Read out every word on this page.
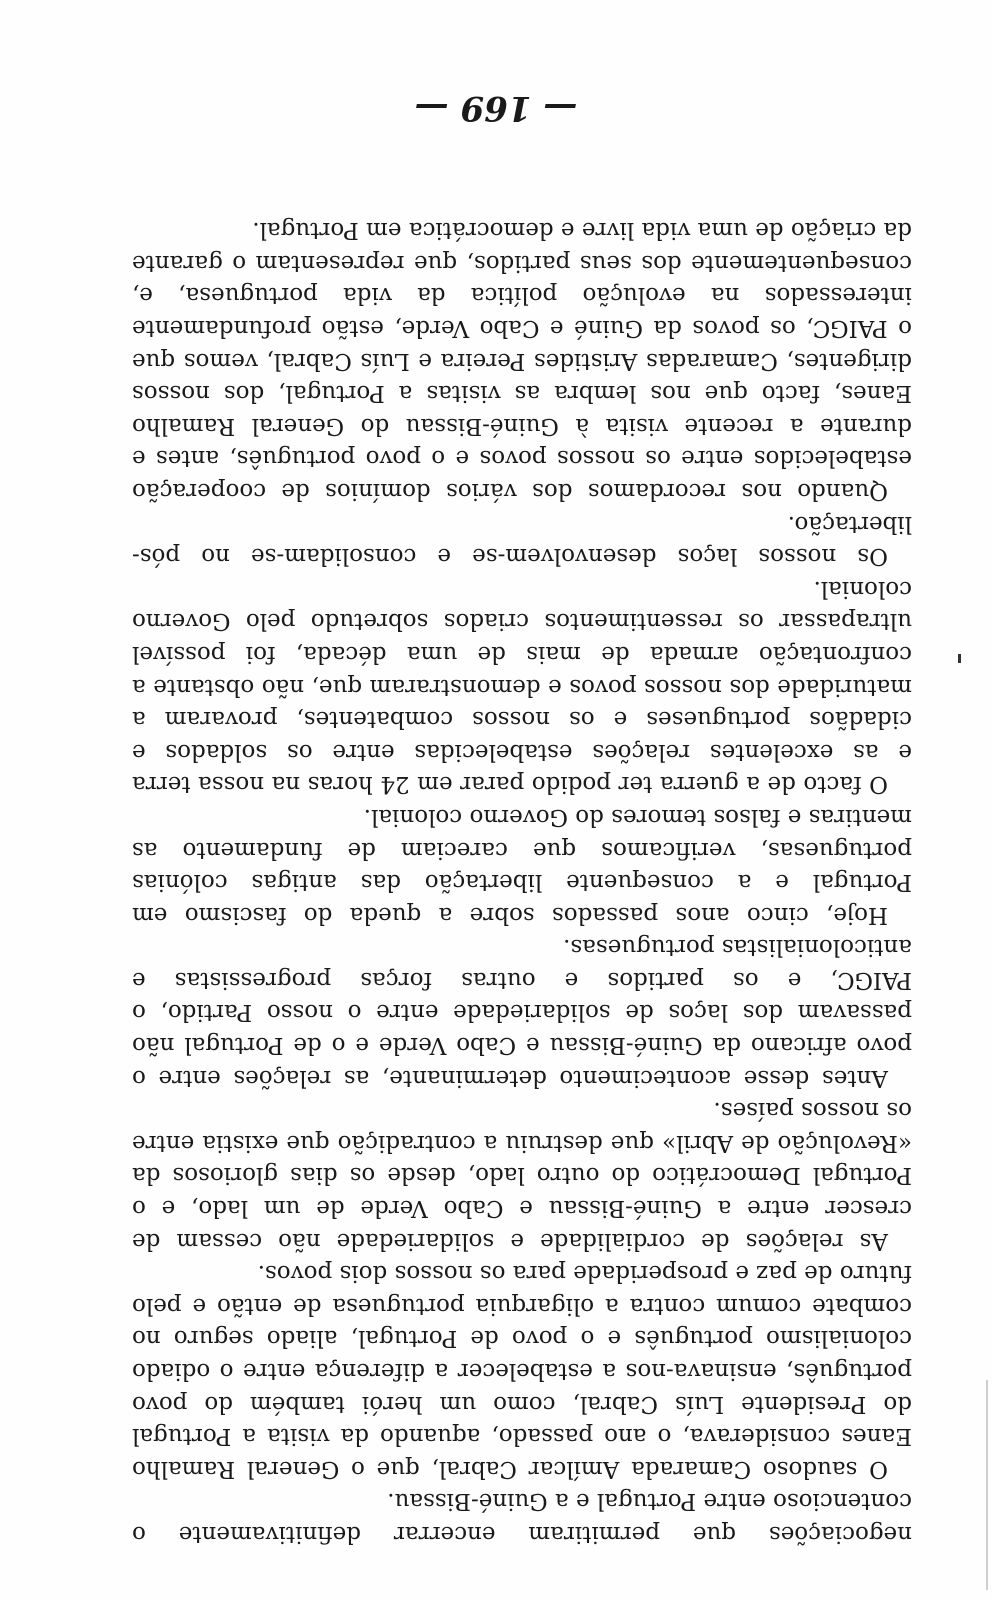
negociações que permitiram encerrar definitivamente o contencioso entre Portugal e a Guiné-Bissau.

O saudoso Camarada Amílcar Cabral, que o General Ramalho Eanes considerava, o ano passado, aquando da visita a Portugal do Presidente Luís Cabral, como um herói também do povo português, ensinava-nos a estabelecer a diferença entre o odiado colonialismo português e o povo de Portugal, aliado seguro no combate comum contra a oligarquia portuguesa de então e pelo futuro de paz e prosperidade para os nossos dois povos.

As relações de cordialidade e solidariedade não cessam de crescer entre a Guiné-Bissau e Cabo Verde de um lado, e o Portugal Democrático do outro lado, desde os dias gloriosos da «Revolução de Abril» que destruiu a contradição que existia entre os nossos países.

Antes desse acontecimento determinante, as relações entre o povo africano da Guiné-Bissau e Cabo Verde e o de Portugal não passavam dos laços de solidariedade entre o nosso Partido, o PAIGC, e os partidos e outras forças progressistas e anticolonialistas portuguesas.

Hoje, cinco anos passados sobre a queda do fascismo em Portugal e a consequente libertação das antigas colónias portuguesas, verificamos que careciam de fundamento as mentiras e falsos temores do Governo colonial.

O facto de a guerra ter podido parar em 24 horas na nossa terra e as excelentes relações estabelecidas entre os soldados e cidadãos portugueses e os nossos combatentes, provaram a maturidade dos nossos povos e demonstraram que, não obstante a confrontação armada de mais de uma década, foi possível ultrapassar os ressentimentos criados sobretudo pelo Governo colonial.

Os nossos laços desenvolvem-se e consolidam-se no pós-libertação.

Quando nos recordamos dos vários domínios de cooperação estabelecidos entre os nossos povos e o povo português, antes e durante a recente visita à Guiné-Bissau do General Ramalho Eanes, facto que nos lembra as visitas a Portugal, dos nossos dirigentes, Camaradas Aristides Pereira e Luís Cabral, vemos que o PAIGC, os povos da Guiné e Cabo Verde, estão profundamente interessados na evolução política da vida portuguesa, e, consequentemente dos seus partidos, que representam o garante da criação de uma vida livre e democrática em Portugal.

— 169 —
